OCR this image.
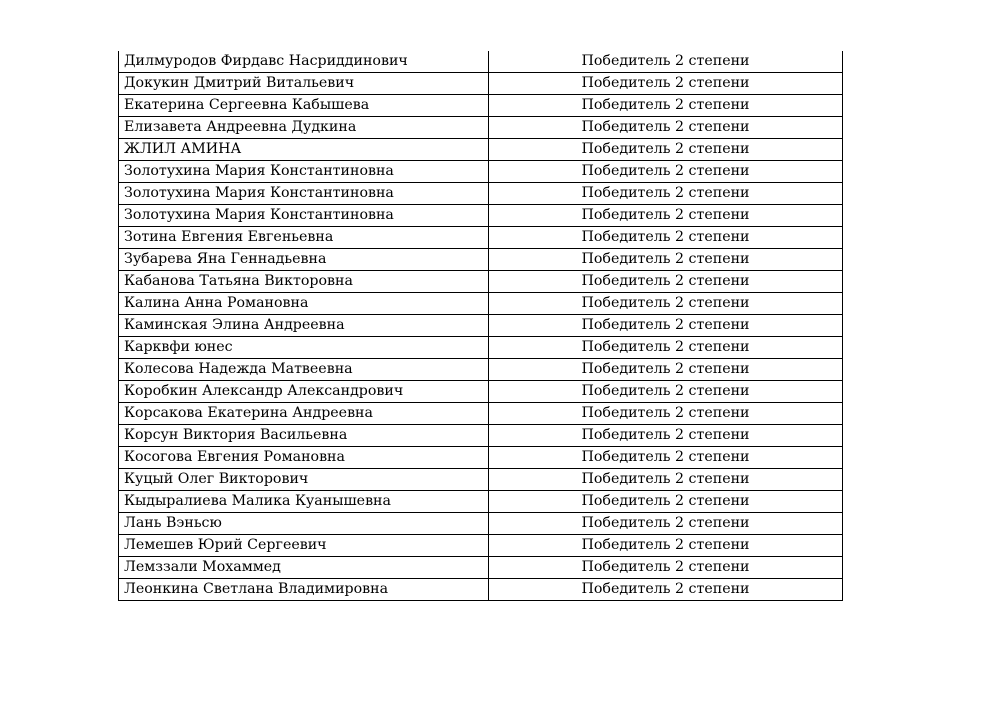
Дилмуродов Фирдавс Насриддинович	Победитель 2 степени
Докукин Дмитрий Витальевич	Победитель 2 степени
Екатерина Сергеевна Кабышева	Победитель 2 степени
Елизавета Андреевна Дудкина	Победитель 2 степени
ЖЛИЛ АМИНА	Победитель 2 степени
Золотухина Мария Константиновна	Победитель 2 степени
Золотухина Мария Константиновна	Победитель 2 степени
Золотухина Мария Константиновна	Победитель 2 степени
Зотина Евгения Евгеньевна	Победитель 2 степени
Зубарева Яна Геннадьевна	Победитель 2 степени
Кабанова Татьяна Викторовна	Победитель 2 степени
Калина Анна Романовна	Победитель 2 степени
Каминская Элина Андреевна	Победитель 2 степени
Карквфи юнес	Победитель 2 степени
Колесова Надежда Матвеевна	Победитель 2 степени
Коробкин Александр Александрович	Победитель 2 степени
Корсакова Екатерина Андреевна	Победитель 2 степени
Корсун Виктория Васильевна	Победитель 2 степени
Косогова Евгения Романовна	Победитель 2 степени
Куцый Олег Викторович	Победитель 2 степени
Кыдыралиева Малика Куанышевна	Победитель 2 степени
Лань Вэньсю	Победитель 2 степени
Лемешев Юрий Сергеевич	Победитель 2 степени
Лемззали Мохаммед	Победитель 2 степени
Леонкина Светлана Владимировна	Победитель 2 степени
